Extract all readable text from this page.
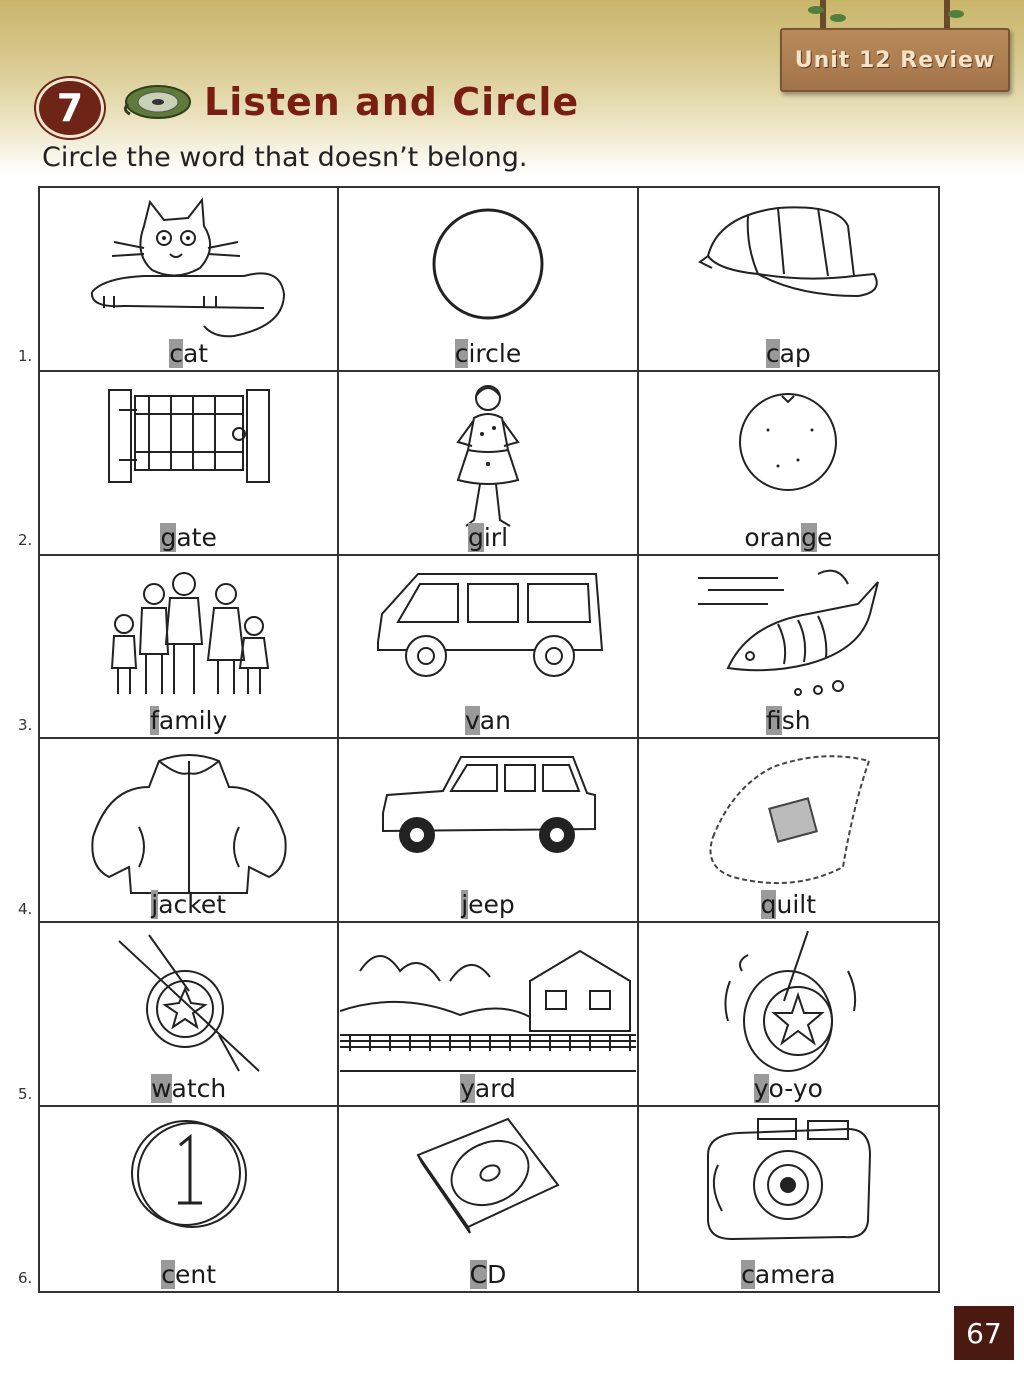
Unit 12 Review
7	Listen and Circle
Circle the word that doesn’t belong.
cat	circle	cap
gate	girl	orange
family	van	fish
jacket	jeep	quilt
watch	yard	yo-yo
cent	CD	camera
1.
2.
3.
4.
5.
6.
67
